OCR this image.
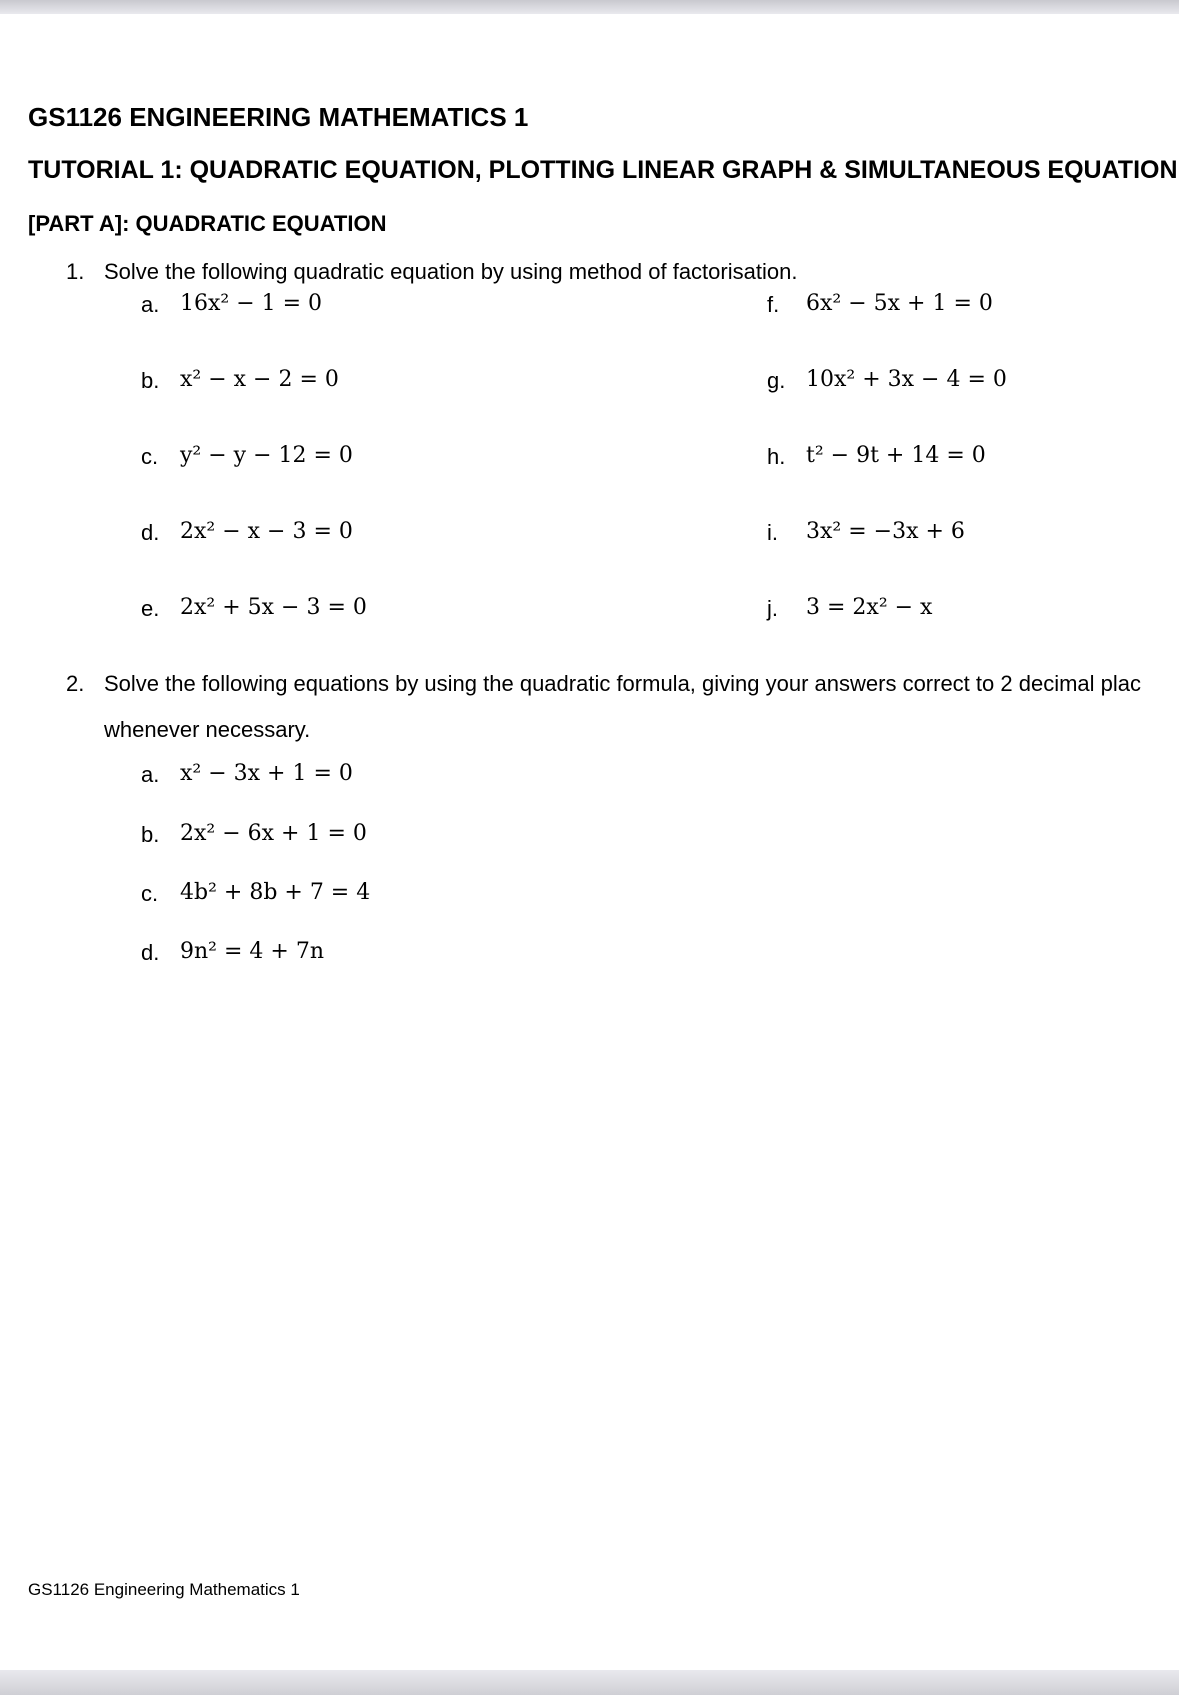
GS1126 ENGINEERING MATHEMATICS 1
TUTORIAL 1: QUADRATIC EQUATION, PLOTTING LINEAR GRAPH & SIMULTANEOUS EQUATION
[PART A]: QUADRATIC EQUATION
1. Solve the following quadratic equation by using method of factorisation.
a. 16x² − 1 = 0
b. x² − x − 2 = 0
c. y² − y − 12 = 0
d. 2x² − x − 3 = 0
e. 2x² + 5x − 3 = 0
f. 6x² − 5x + 1 = 0
g. 10x² + 3x − 4 = 0
h. t² − 9t + 14 = 0
i. 3x² = −3x + 6
j. 3 = 2x² − x
2. Solve the following equations by using the quadratic formula, giving your answers correct to 2 decimal plac
whenever necessary.
a. x² − 3x + 1 = 0
b. 2x² − 6x + 1 = 0
c. 4b² + 8b + 7 = 4
d. 9n² = 4 + 7n
GS1126 Engineering Mathematics 1
